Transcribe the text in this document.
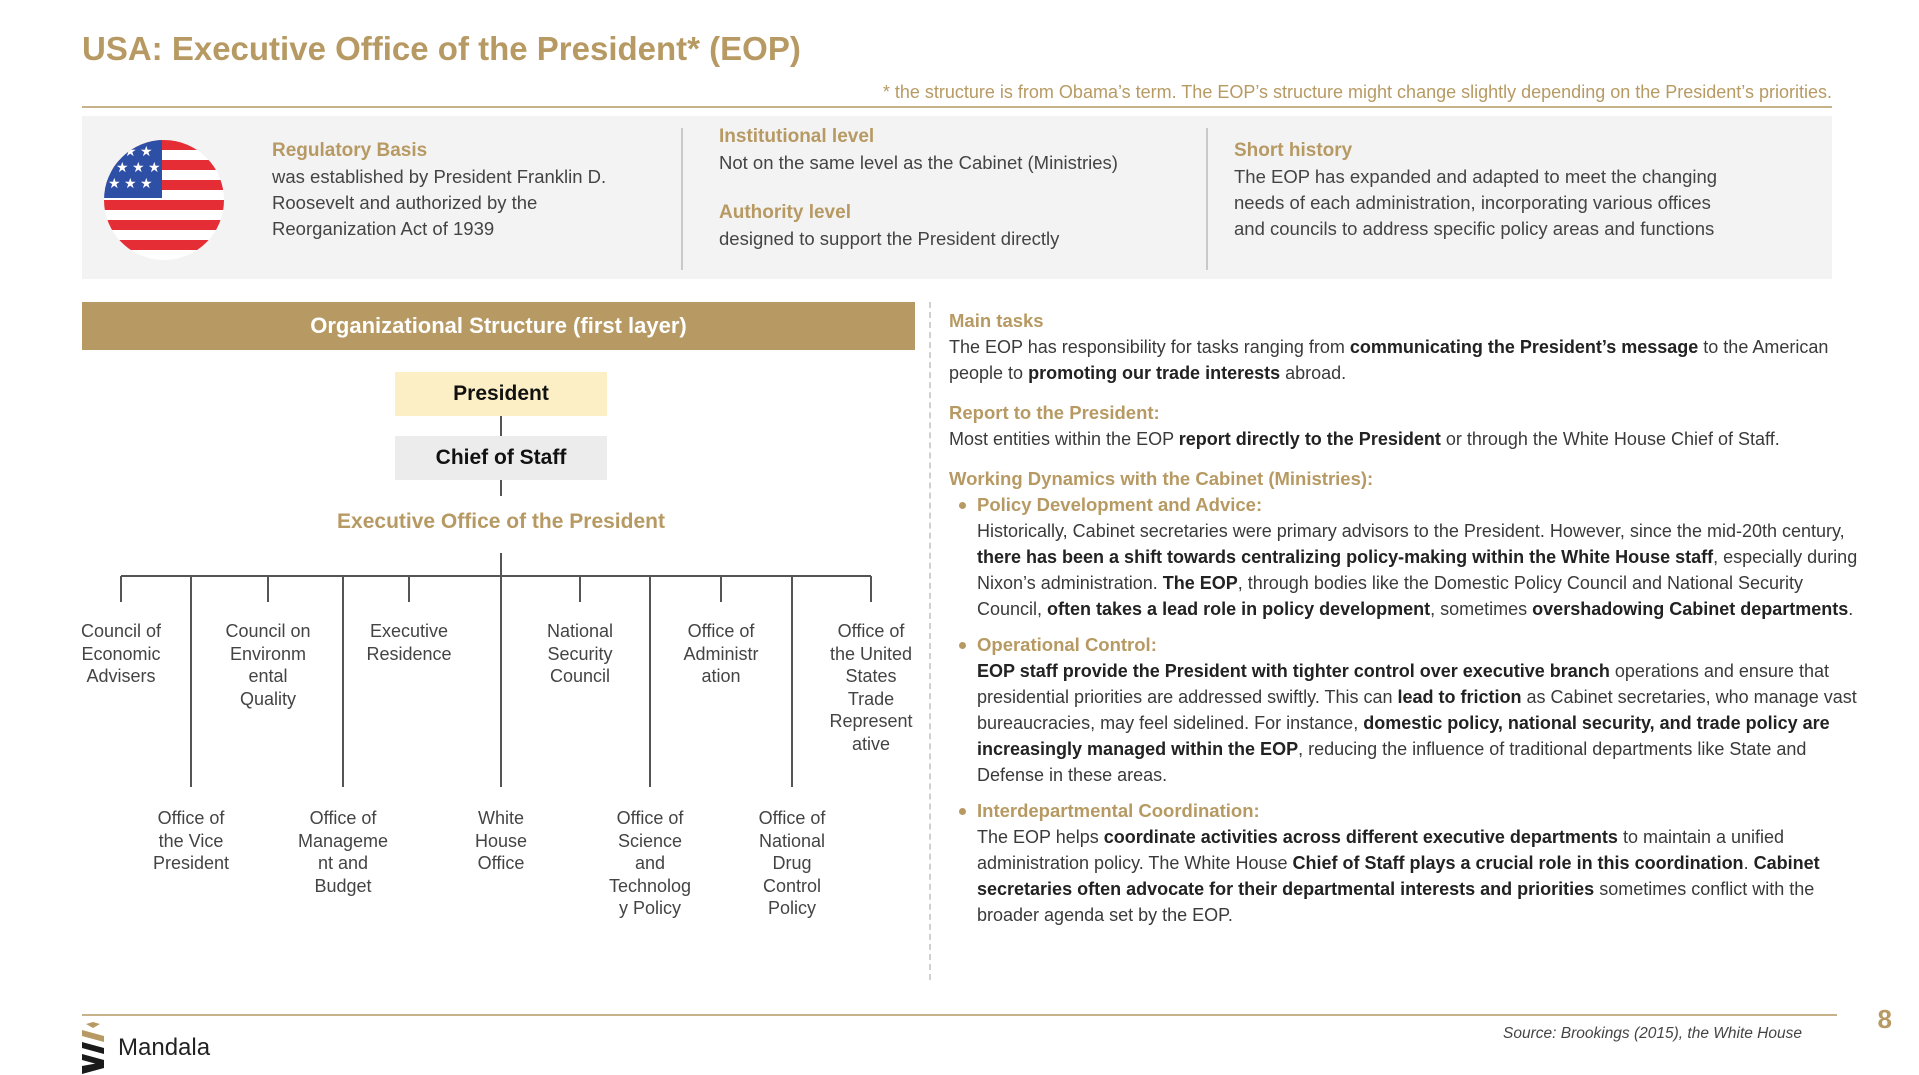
USA: Executive Office of the President* (EOP)
* the structure is from Obama’s term. The EOP’s structure might change slightly depending on the President’s priorities.
★ ★ ★
★ ★ ★
★ ★ ★
Regulatory Basis
was established by President Franklin D.
Roosevelt and authorized by the
Reorganization Act of 1939
Institutional level
Not on the same level as the Cabinet (Ministries)
Authority level
designed to support the President directly
Short history
The EOP has expanded and adapted to meet the changing
needs of each administration, incorporating various offices
and councils to address specific policy areas and functions
Organizational Structure (first layer)
President
Chief of Staff
Executive Office of the President
Council of
Economic
Advisers
Council on
Environm
ental
Quality
Executive
Residence
National
Security
Council
Office of
Administr
ation
Office of
the United
States
Trade
Represent
ative
Office of
the Vice
President
Office of
Manageme
nt and
Budget
White
House
Office
Office of
Science
and
Technolog
y Policy
Office of
National
Drug
Control
Policy
Main tasks

The EOP has responsibility for tasks ranging from communicating the President’s message to the American people to promoting our trade interests abroad.

Report to the President:

Most entities within the EOP report directly to the President or through the White House Chief of Staff.

Working Dynamics with the Cabinet (Ministries):
Policy Development and Advice:

Historically, Cabinet secretaries were primary advisors to the President. However, since the mid-20th century, there has been a shift towards centralizing policy-making within the White House staff, especially during Nixon’s administration. The EOP, through bodies like the Domestic Policy Council and National Security Council, often takes a lead role in policy development, sometimes overshadowing Cabinet departments.

Operational Control:

EOP staff provide the President with tighter control over executive branch operations and ensure that presidential priorities are addressed swiftly. This can lead to friction as Cabinet secretaries, who manage vast bureaucracies, may feel sidelined. For instance, domestic policy, national security, and trade policy are increasingly managed within the EOP, reducing the influence of traditional departments like State and Defense in these areas.

Interdepartmental Coordination:

The EOP helps coordinate activities across different executive departments to maintain a unified administration policy. The White House Chief of Staff plays a crucial role in this coordination. Cabinet secretaries often advocate for their departmental interests and priorities sometimes conflict with the broader agenda set by the EOP.

Mandala
Source: Brookings (2015), the White House	8
